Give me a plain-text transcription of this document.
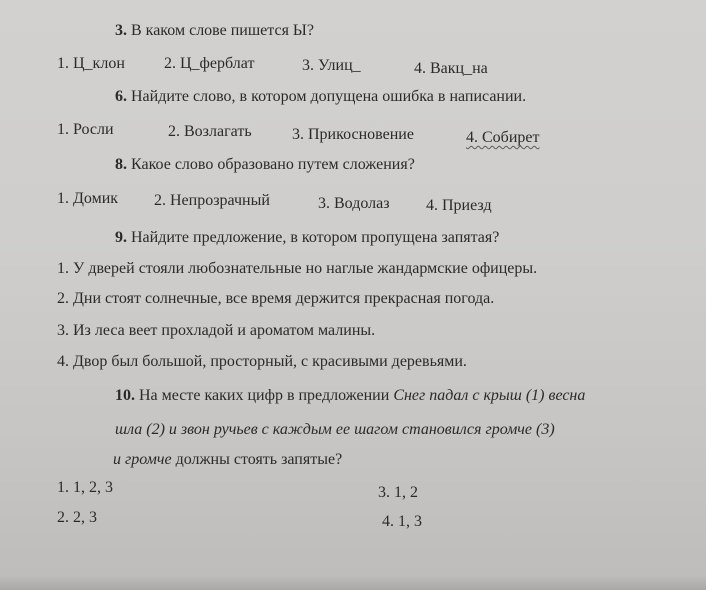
3. В каком слове пишется Ы?
1. Ц_клон 2. Ц_ферблат	3. Улиц_	4. Вакц_на
6. Найдите слово, в котором допущена ошибка в написании.
1. Росли	2. Возлагать	3. Прикосновение	4. Собирет
8. Какое слово образовано путем сложения?
1. Домик 2. Непрозрачный	3. Водолаз 4. Приезд
9. Найдите предложение, в котором пропущена запятая?
1. У дверей стояли любознательные но наглые жандармские офицеры.
2. Дни стоят солнечные, все время держится прекрасная погода.
3. Из леса веет прохладой и ароматом малины.
4. Двор был большой, просторный, с красивыми деревьями.
10. На месте каких цифр в предложении Снег падал с крыш (1) весна
шла (2) и звон ручьев с каждым ее шагом становился громче (3)
и громче должны стоять запятые?
1. 1, 2, 3
2. 2, 3
3. 1, 2
4. 1, 3
